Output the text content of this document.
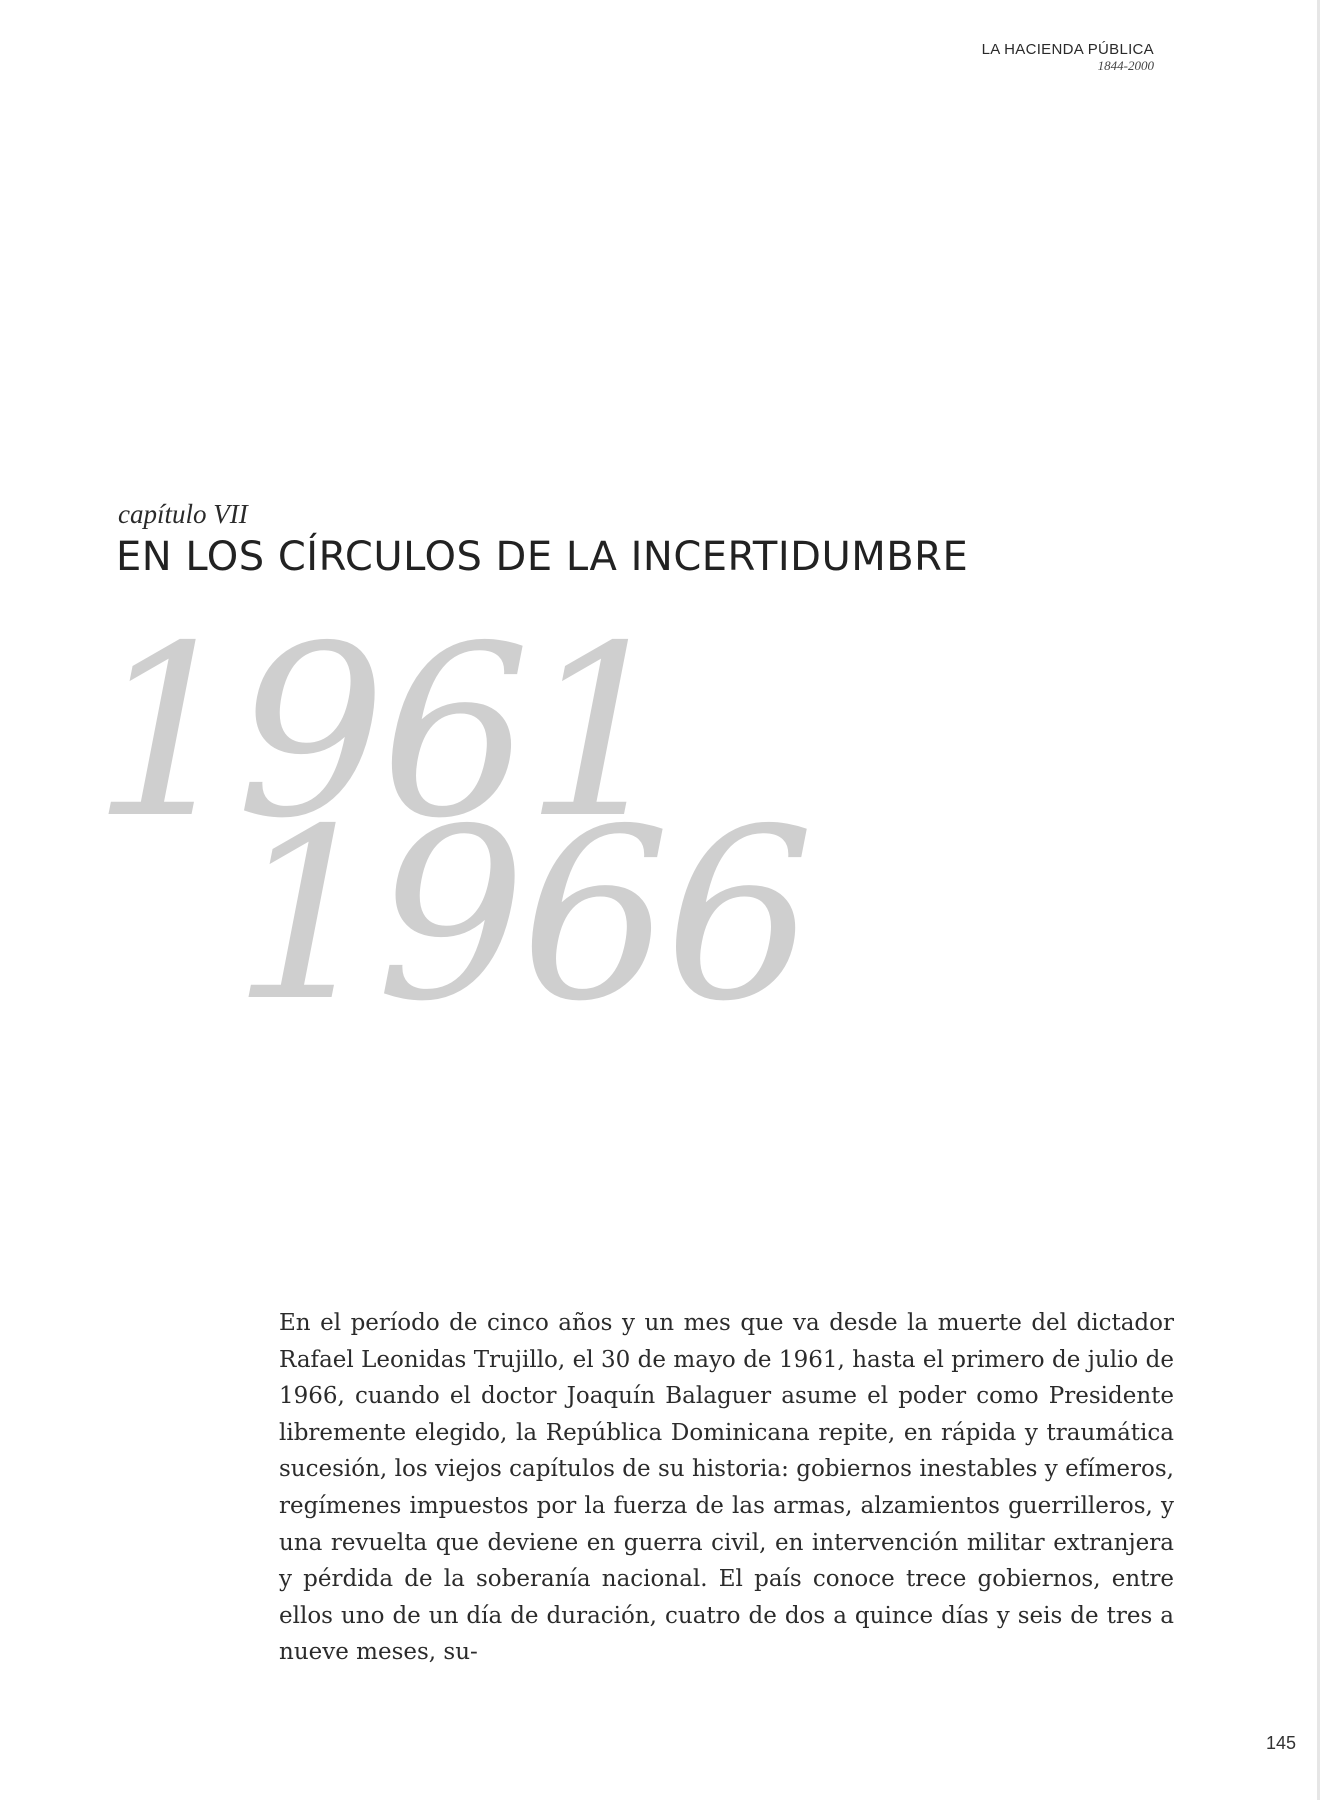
LA HACIENDA PÚBLICA
1844-2000
capítulo VII
EN LOS CÍRCULOS DE LA INCERTIDUMBRE
1961
1966

En el período de cinco años y un mes que va desde la muerte del dictador Rafael Leonidas Trujillo, el 30 de mayo de 1961, hasta el primero de julio de 1966, cuando el doctor Joaquín Balaguer asume el poder como Presidente libremente elegido, la República Dominicana repite, en rápida y traumática sucesión, los viejos capítulos de su historia: gobiernos inestables y efímeros, regímenes impuestos por la fuerza de las armas, alzamientos guerrilleros, y una revuelta que deviene en guerra civil, en intervención militar extranjera y pérdida de la soberanía nacional. El país conoce trece gobiernos, entre ellos uno de un día de duración, cuatro de dos a quince días y seis de tres a nueve meses, su-

145
